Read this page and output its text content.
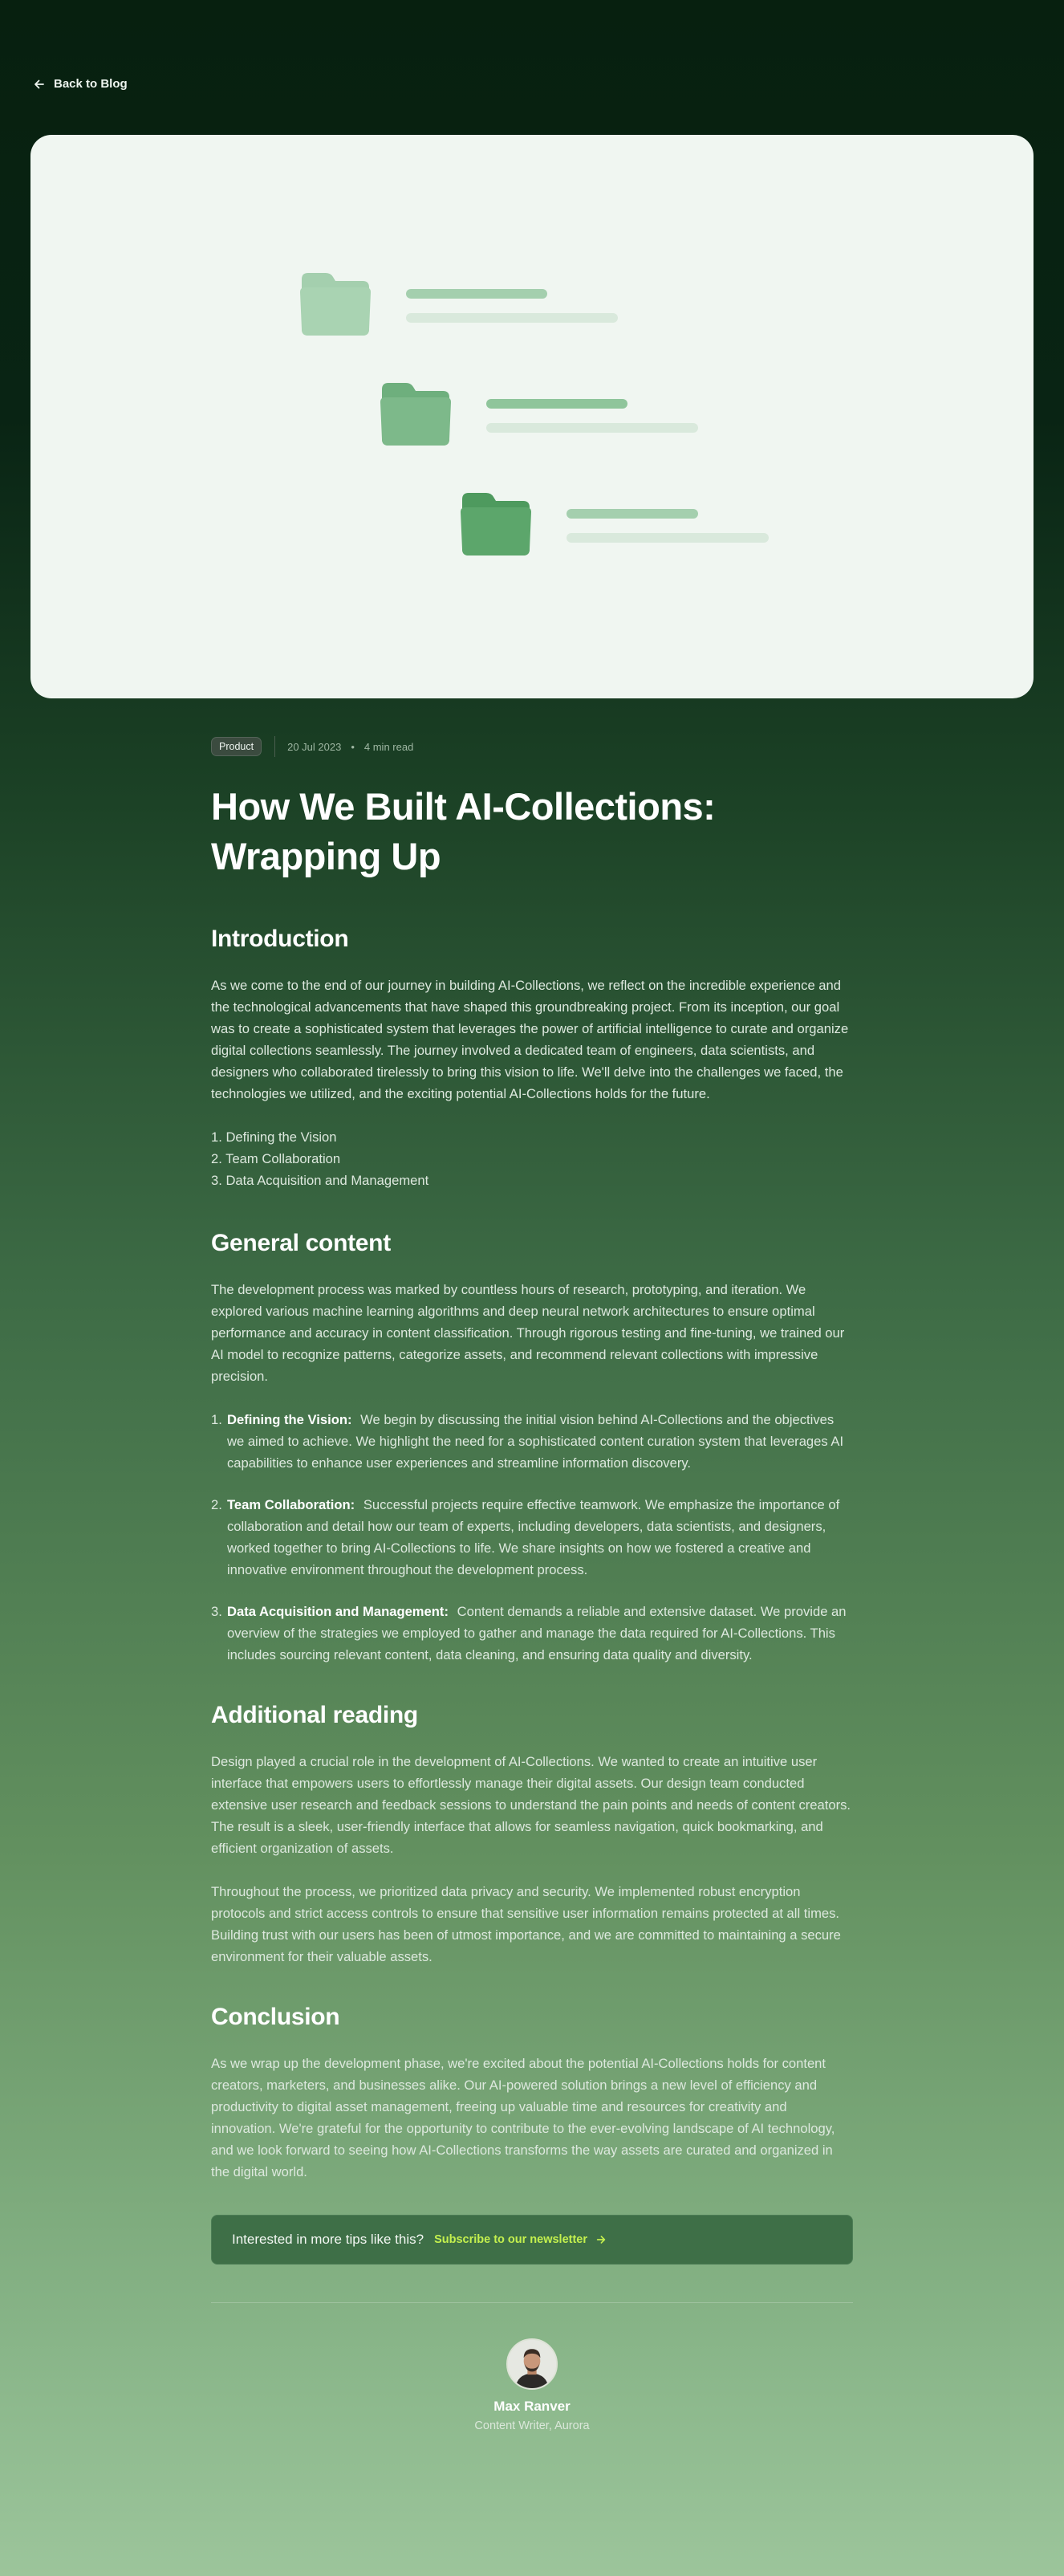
Back to Blog
Product	20 Jul 2023 • 4 min read
How We Built AI-Collections:
Wrapping Up
Introduction

As we come to the end of our journey in building AI-Collections, we reflect on the incredible experience and the technological advancements that have shaped this groundbreaking project. From its inception, our goal was to create a sophisticated system that leverages the power of artificial intelligence to curate and organize digital collections seamlessly. The journey involved a dedicated team of engineers, data scientists, and designers who collaborated tirelessly to bring this vision to life. We'll delve into the challenges we faced, the technologies we utilized, and the exciting potential AI-Collections holds for the future.

1. Defining the Vision
2. Team Collaboration
3. Data Acquisition and Management
General content

The development process was marked by countless hours of research, prototyping, and iteration. We explored various machine learning algorithms and deep neural network architectures to ensure optimal performance and accuracy in content classification. Through rigorous testing and fine-tuning, we trained our AI model to recognize patterns, categorize assets, and recommend relevant collections with impressive precision.

1. Defining the Vision: We begin by discussing the initial vision behind AI-Collections and the objectives we aimed to achieve. We highlight the need for a sophisticated content curation system that leverages AI capabilities to enhance user experiences and streamline information discovery.
2. Team Collaboration: Successful projects require effective teamwork. We emphasize the importance of collaboration and detail how our team of experts, including developers, data scientists, and designers, worked together to bring AI-Collections to life. We share insights on how we fostered a creative and innovative environment throughout the development process.
3. Data Acquisition and Management: Content demands a reliable and extensive dataset. We provide an overview of the strategies we employed to gather and manage the data required for AI-Collections. This includes sourcing relevant content, data cleaning, and ensuring data quality and diversity.
Additional reading

Design played a crucial role in the development of AI-Collections. We wanted to create an intuitive user interface that empowers users to effortlessly manage their digital assets. Our design team conducted extensive user research and feedback sessions to understand the pain points and needs of content creators. The result is a sleek, user-friendly interface that allows for seamless navigation, quick bookmarking, and efficient organization of assets.

Throughout the process, we prioritized data privacy and security. We implemented robust encryption protocols and strict access controls to ensure that sensitive user information remains protected at all times. Building trust with our users has been of utmost importance, and we are committed to maintaining a secure environment for their valuable assets.

Conclusion

As we wrap up the development phase, we're excited about the potential AI-Collections holds for content creators, marketers, and businesses alike. Our AI-powered solution brings a new level of efficiency and productivity to digital asset management, freeing up valuable time and resources for creativity and innovation. We're grateful for the opportunity to contribute to the ever-evolving landscape of AI technology, and we look forward to seeing how AI-Collections transforms the way assets are curated and organized in the digital world.

Interested in more tips like this? Subscribe to our newsletter
Max Ranver
Content Writer, Aurora
